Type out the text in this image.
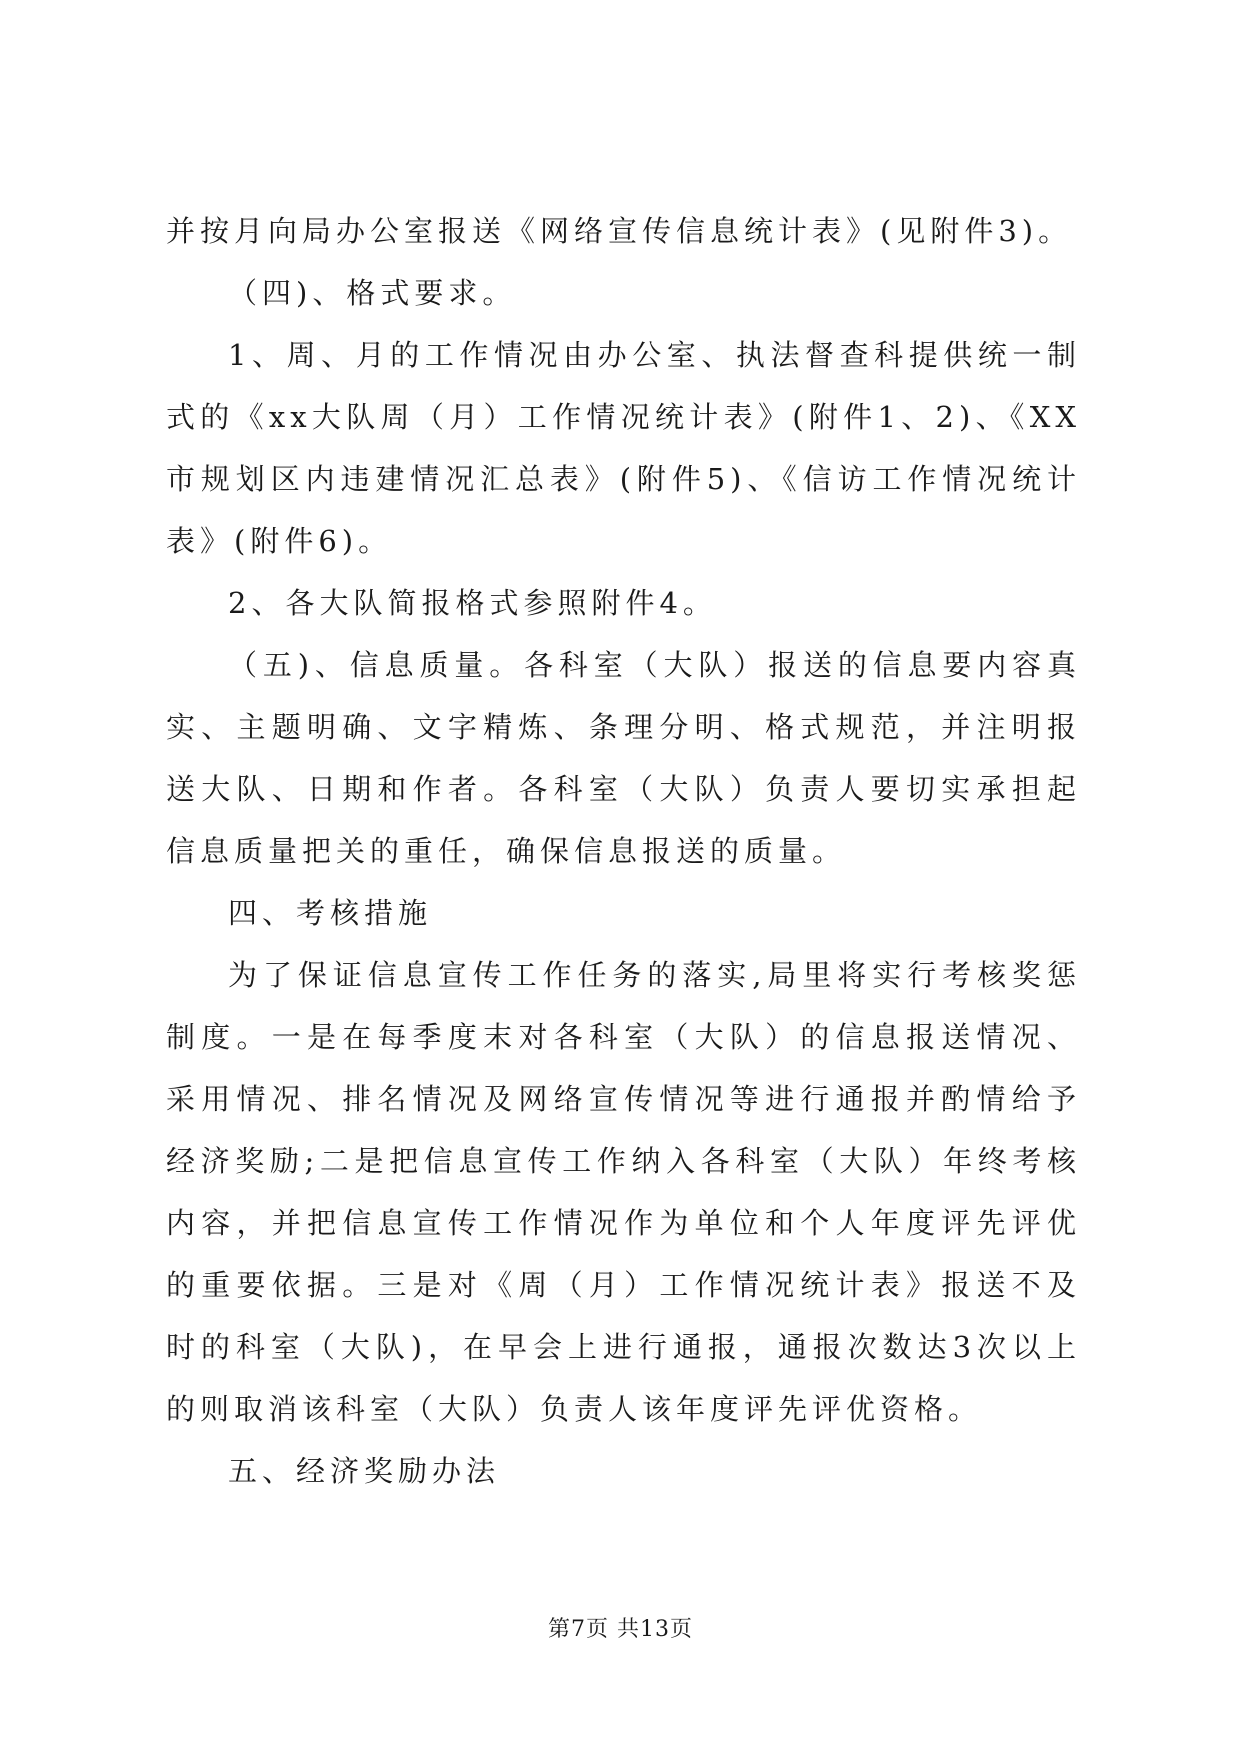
并按月向局办公室报送《网络宣传信息统计表》(见附件3)。

（四)、格式要求。

1、周、月的工作情况由办公室、执法督查科提供统一制式的《xx大队周（月）工作情况统计表》(附件1、2)、《XX市规划区内违建情况汇总表》(附件5)、《信访工作情况统计表》(附件6)。

2、各大队简报格式参照附件4。

（五)、信息质量。各科室（大队）报送的信息要内容真实、主题明确、文字精炼、条理分明、格式规范，并注明报送大队、日期和作者。各科室（大队）负责人要切实承担起信息质量把关的重任，确保信息报送的质量。

四、考核措施

为了保证信息宣传工作任务的落实,局里将实行考核奖惩制度。一是在每季度末对各科室（大队）的信息报送情况、采用情况、排名情况及网络宣传情况等进行通报并酌情给予经济奖励;二是把信息宣传工作纳入各科室（大队）年终考核内容，并把信息宣传工作情况作为单位和个人年度评先评优的重要依据。三是对《周（月）工作情况统计表》报送不及时的科室（大队)，在早会上进行通报，通报次数达3次以上的则取消该科室（大队）负责人该年度评先评优资格。

五、经济奖励办法

第7页 共13页
